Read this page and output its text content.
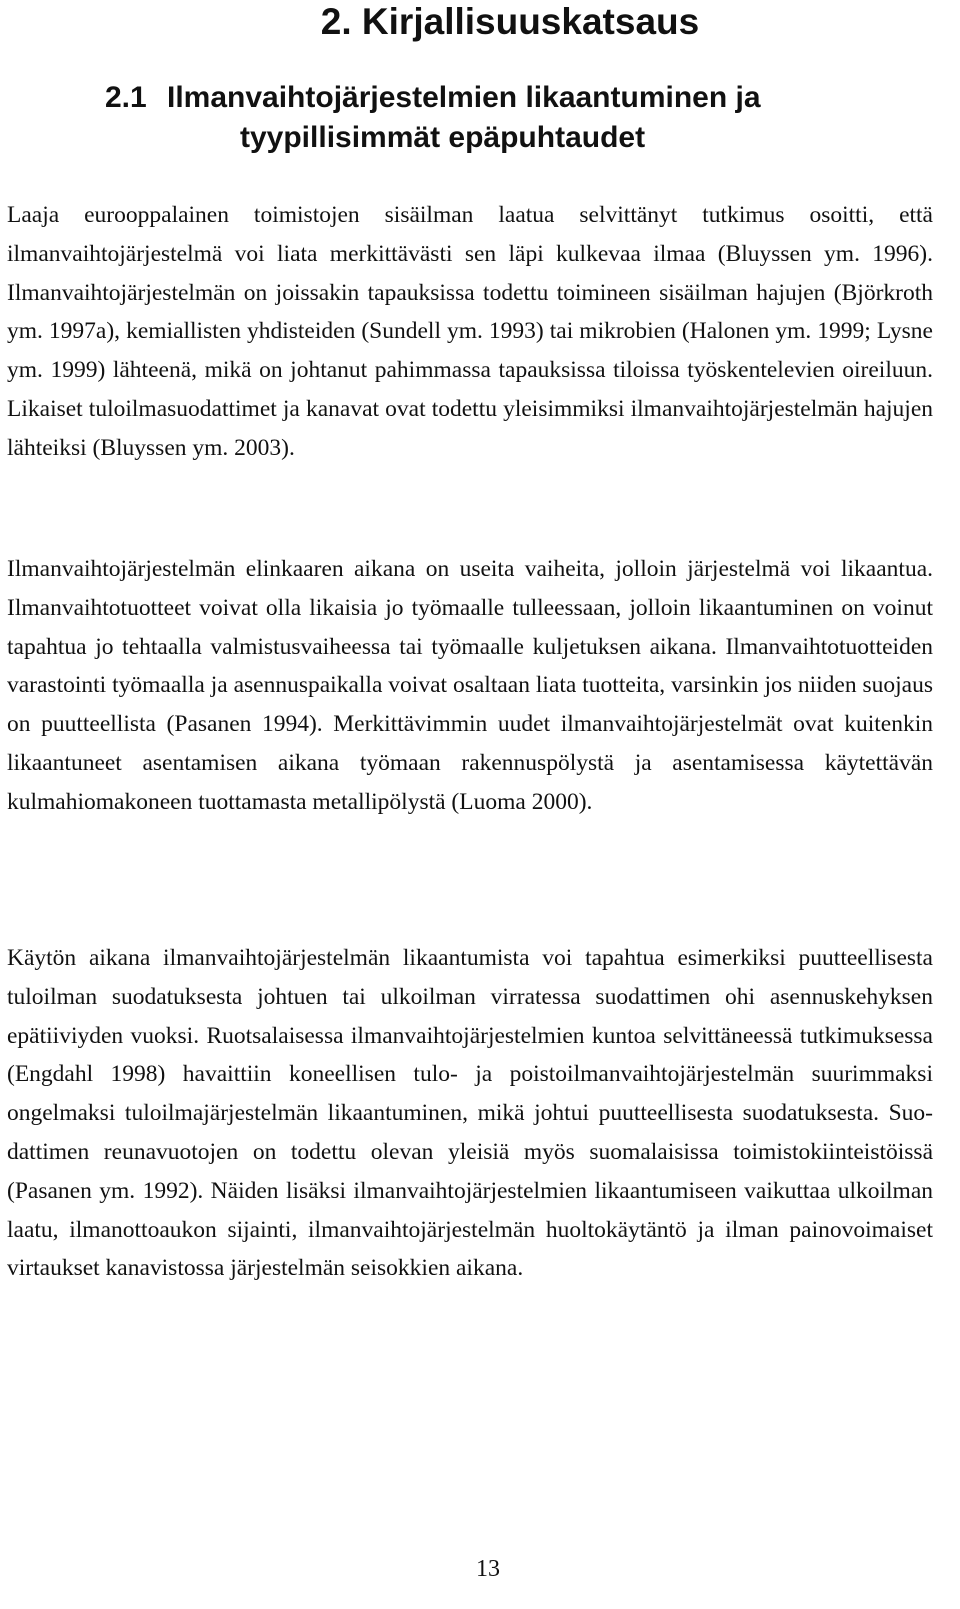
2. Kirjallisuuskatsaus
2.1 Ilmanvaihtojärjestelmien likaantuminen ja
tyypillisimmät epäpuhtaudet

Laaja eurooppalainen toimistojen sisäilman laatua selvittänyt tutkimus osoitti, että ilmanvaihtojärjestelmä voi liata merkittävästi sen läpi kulkevaa ilmaa (Bluyssen ym. 1996). Ilmanvaihtojärjestelmän on joissakin tapauksissa todettu toimineen sisäilman hajujen (Björkroth ym. 1997a), kemiallisten yhdisteiden (Sundell ym. 1993) tai mikrobien (Halonen ym. 1999; Lysne ym. 1999) lähteenä, mikä on johtanut pahimmassa tapauksissa tiloissa työskentelevien oireiluun. Likaiset tuloilmasuodattimet ja kanavat ovat todettu yleisimmiksi ilmanvaihtojärjestelmän hajujen lähteiksi (Bluyssen ym. 2003).

Ilmanvaihtojärjestelmän elinkaaren aikana on useita vaiheita, jolloin järjestelmä voi likaantua. Ilmanvaihtotuotteet voivat olla likaisia jo työmaalle tulleessaan, jolloin likaantuminen on voinut tapahtua jo tehtaalla valmistusvaiheessa tai työmaalle kuljetuksen aikana. Ilmanvaihtotuotteiden varastointi työmaalla ja asennuspaikalla voivat osaltaan liata tuotteita, varsinkin jos niiden suojaus on puutteellista (Pasanen 1994). Merkittävimmin uudet ilmanvaihtojärjestelmät ovat kuitenkin likaantuneet asentamisen aikana työmaan rakennuspölystä ja asentamisessa käytettävän kulmahiomakoneen tuottamasta metallipölystä (Luoma 2000).

Käytön aikana ilmanvaihtojärjestelmän likaantumista voi tapahtua esimerkiksi puutteellisesta tuloilman suodatuksesta johtuen tai ulkoilman virratessa suodattimen ohi asennuskehyksen epätiiviyden vuoksi. Ruotsalaisessa ilmanvaihtojärjestelmien kuntoa selvittäneessä tutkimuksessa (Engdahl 1998) havaittiin koneellisen tulo- ja poistoilmanvaihtojärjestelmän suurimmaksi ongelmaksi tuloilmajärjestelmän likaantuminen, mikä johtui puutteellisesta suodatuksesta. Suodattimen reunavuotojen on todettu olevan yleisiä myös suomalaisissa toimistokiinteistöissä (Pasanen ym. 1992). Näiden lisäksi ilmanvaihtojärjestelmien likaantumiseen vaikuttaa ulkoilman laatu, ilmanottoaukon sijainti, ilmanvaihtojärjestelmän huoltokäytäntö ja ilman painovoimaiset virtaukset kanavistossa järjestelmän seisokkien aikana.

13
